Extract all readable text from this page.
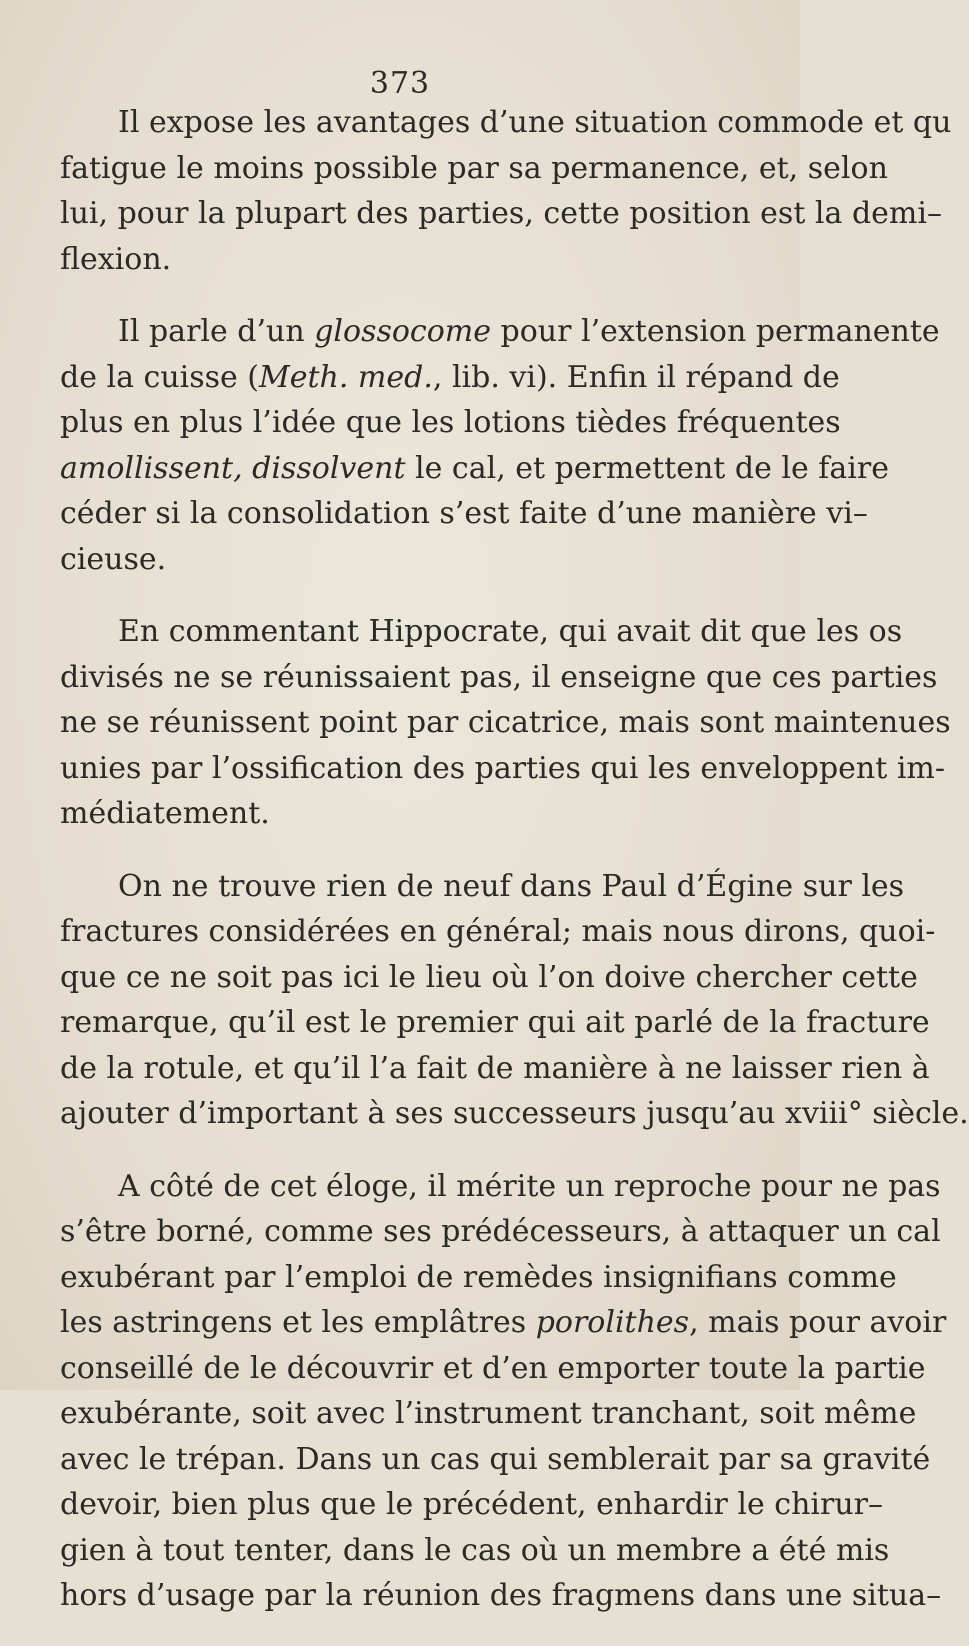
373
Il expose les avantages d’une situation commode et qu
fatigue le moins possible par sa permanence, et, selon
lui, pour la plupart des parties, cette position est la demi–
flexion.
Il parle d’un glossocome pour l’extension permanente
de la cuisse (Meth. med., lib. vi). Enfin il répand de
plus en plus l’idée que les lotions tièdes fréquentes
amollissent, dissolvent le cal, et permettent de le faire
céder si la consolidation s’est faite d’une manière vi–
cieuse.
En commentant Hippocrate, qui avait dit que les os
divisés ne se réunissaient pas, il enseigne que ces parties
ne se réunissent point par cicatrice, mais sont maintenues
unies par l’ossification des parties qui les enveloppent im-
médiatement.
On ne trouve rien de neuf dans Paul d’Égine sur les
fractures considérées en général; mais nous dirons, quoi-
que ce ne soit pas ici le lieu où l’on doive chercher cette
remarque, qu’il est le premier qui ait parlé de la fracture
de la rotule, et qu’il l’a fait de manière à ne laisser rien à
ajouter d’important à ses successeurs jusqu’au xviii° siècle.
A côté de cet éloge, il mérite un reproche pour ne pas
s’être borné, comme ses prédécesseurs, à attaquer un cal
exubérant par l’emploi de remèdes insignifians comme
les astringens et les emplâtres porolithes, mais pour avoir
conseillé de le découvrir et d’en emporter toute la partie
exubérante, soit avec l’instrument tranchant, soit même
avec le trépan. Dans un cas qui semblerait par sa gravité
devoir, bien plus que le précédent, enhardir le chirur–
gien à tout tenter, dans le cas où un membre a été mis
hors d’usage par la réunion des fragmens dans une situa–
